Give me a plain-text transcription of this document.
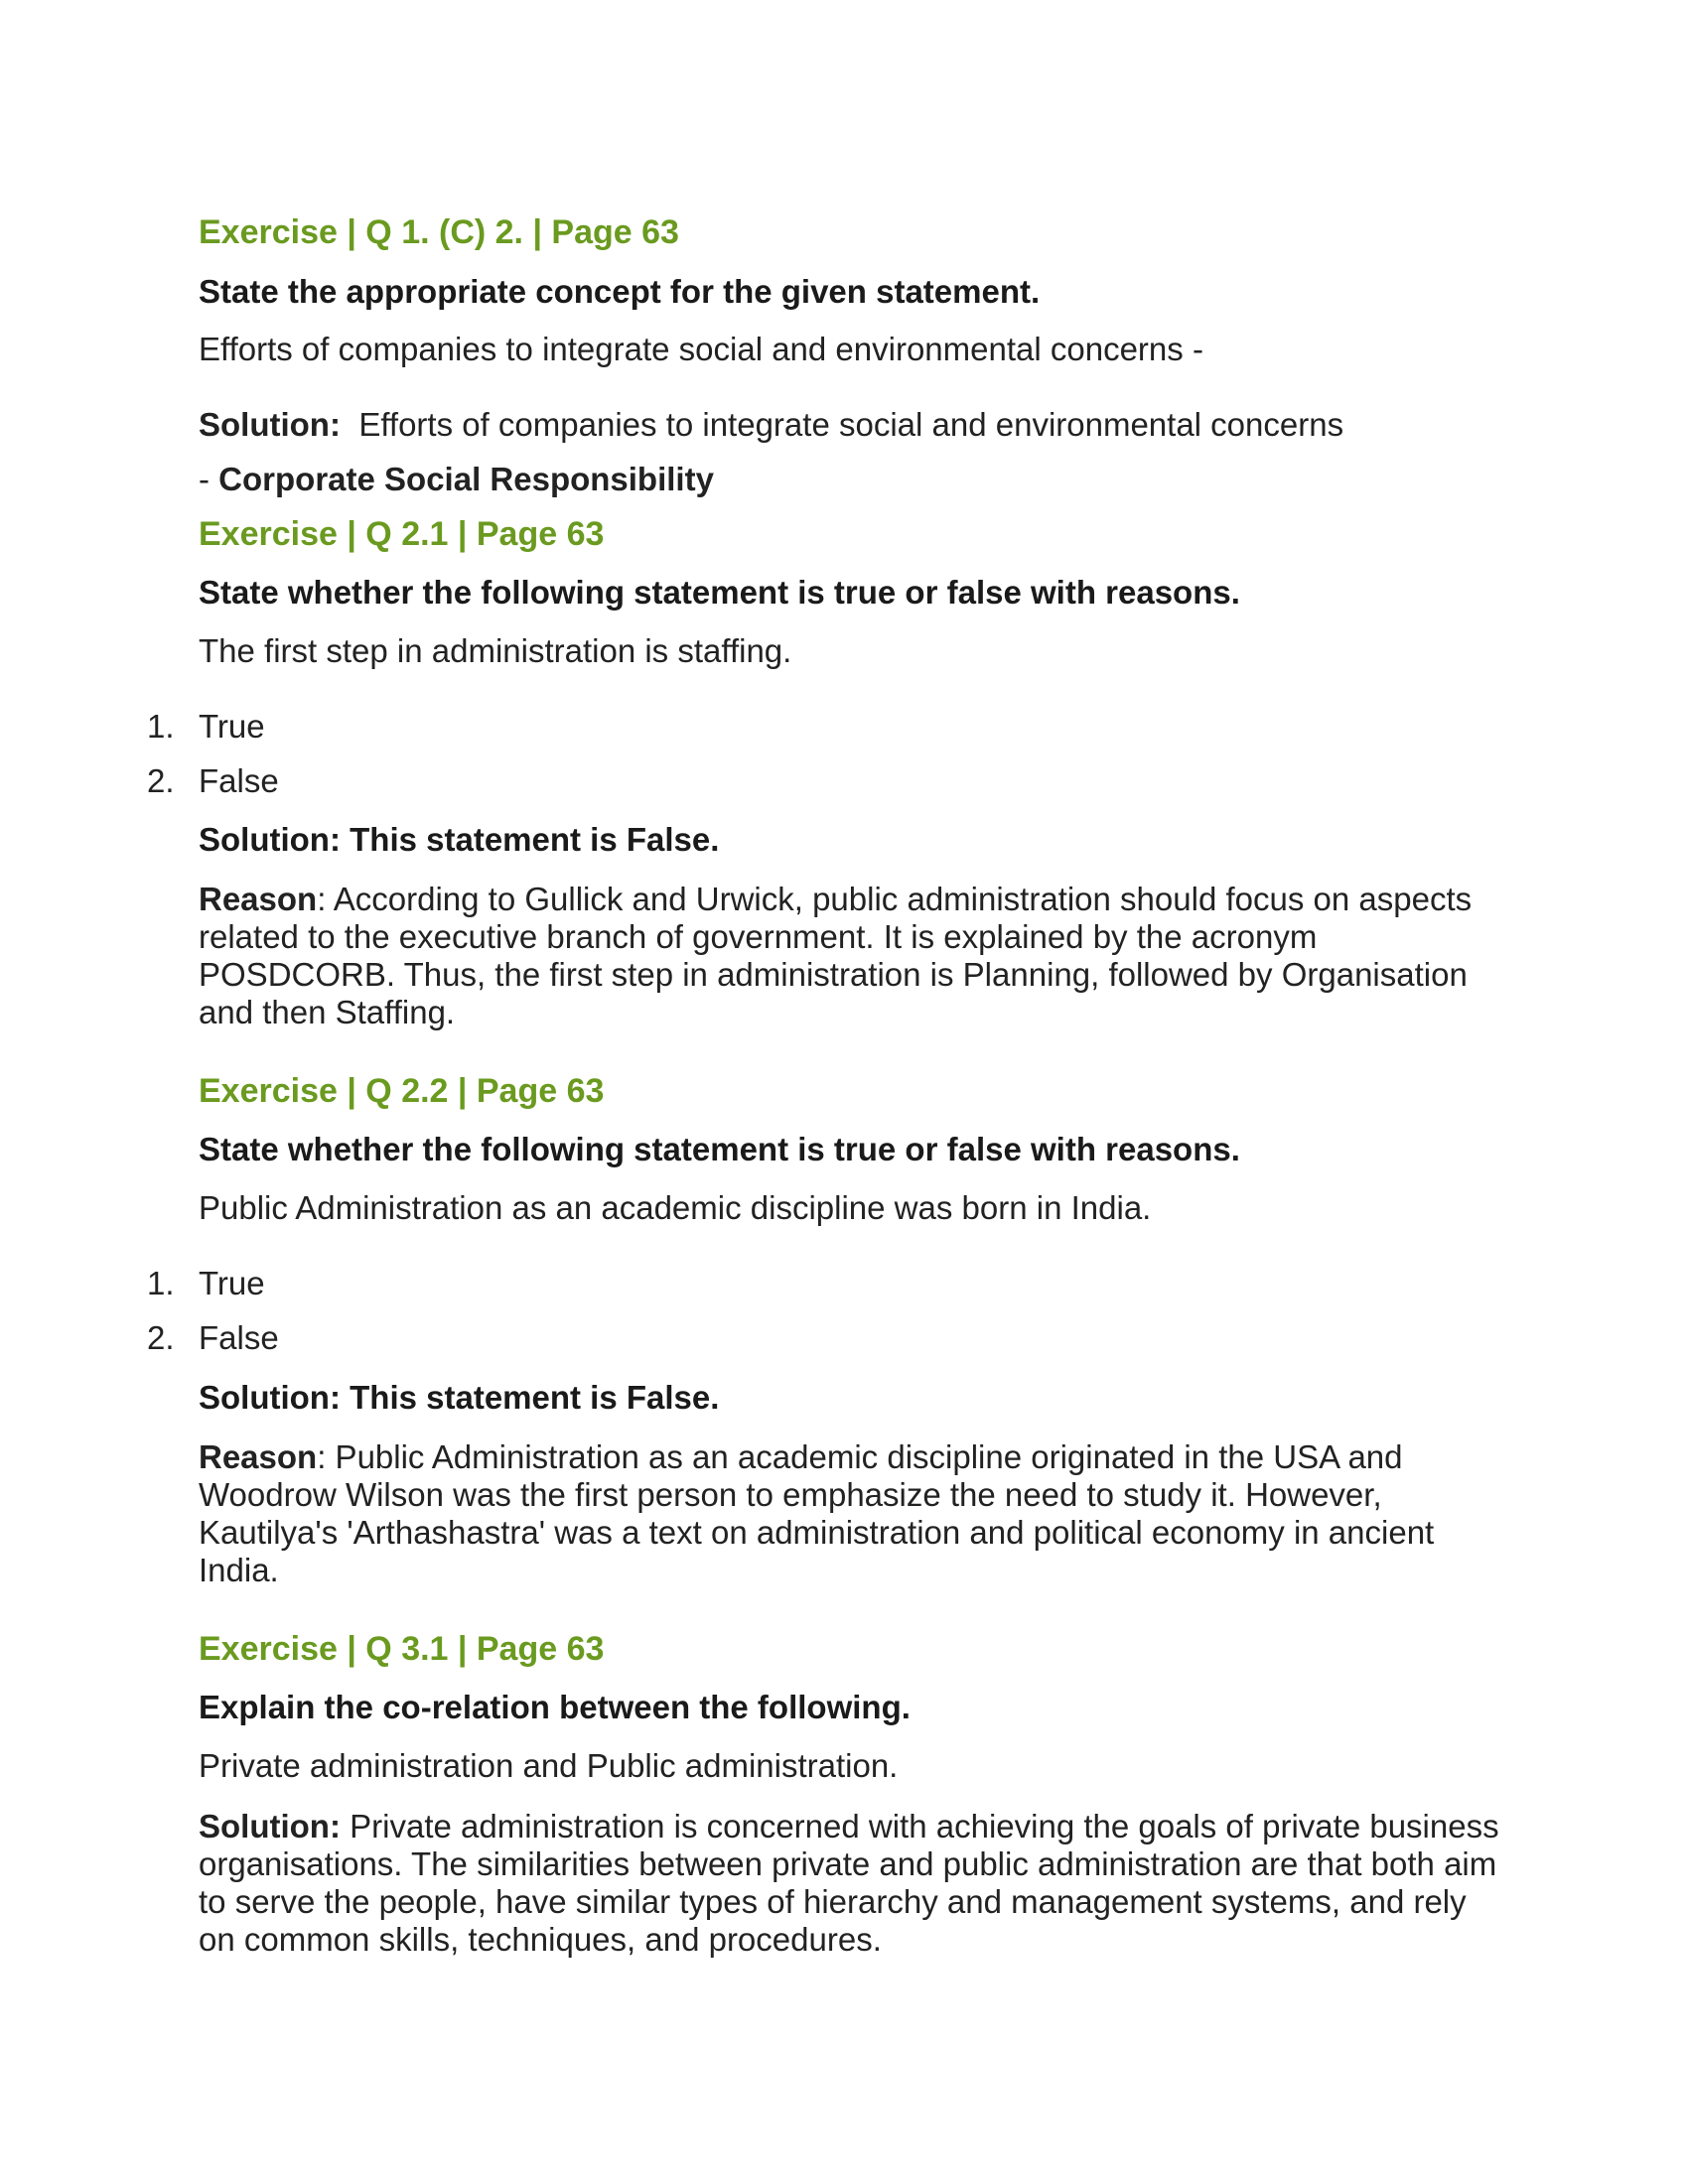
Exercise | Q 1. (C) 2. | Page 63
State the appropriate concept for the given statement.
Efforts of companies to integrate social and environmental concerns -
Solution: Efforts of companies to integrate social and environmental concerns
- Corporate Social Responsibility
Exercise | Q 2.1 | Page 63
State whether the following statement is true or false with reasons.
The first step in administration is staffing.
1. True
2. False
Solution: This statement is False.
Reason: According to Gullick and Urwick, public administration should focus on aspects related to the executive branch of government. It is explained by the acronym POSDCORB. Thus, the first step in administration is Planning, followed by Organisation and then Staffing.
Exercise | Q 2.2 | Page 63
State whether the following statement is true or false with reasons.
Public Administration as an academic discipline was born in India.
1. True
2. False
Solution: This statement is False.
Reason: Public Administration as an academic discipline originated in the USA and Woodrow Wilson was the first person to emphasize the need to study it. However, Kautilya's 'Arthashastra' was a text on administration and political economy in ancient India.
Exercise | Q 3.1 | Page 63
Explain the co-relation between the following.
Private administration and Public administration.
Solution: Private administration is concerned with achieving the goals of private business organisations. The similarities between private and public administration are that both aim to serve the people, have similar types of hierarchy and management systems, and rely on common skills, techniques, and procedures.
